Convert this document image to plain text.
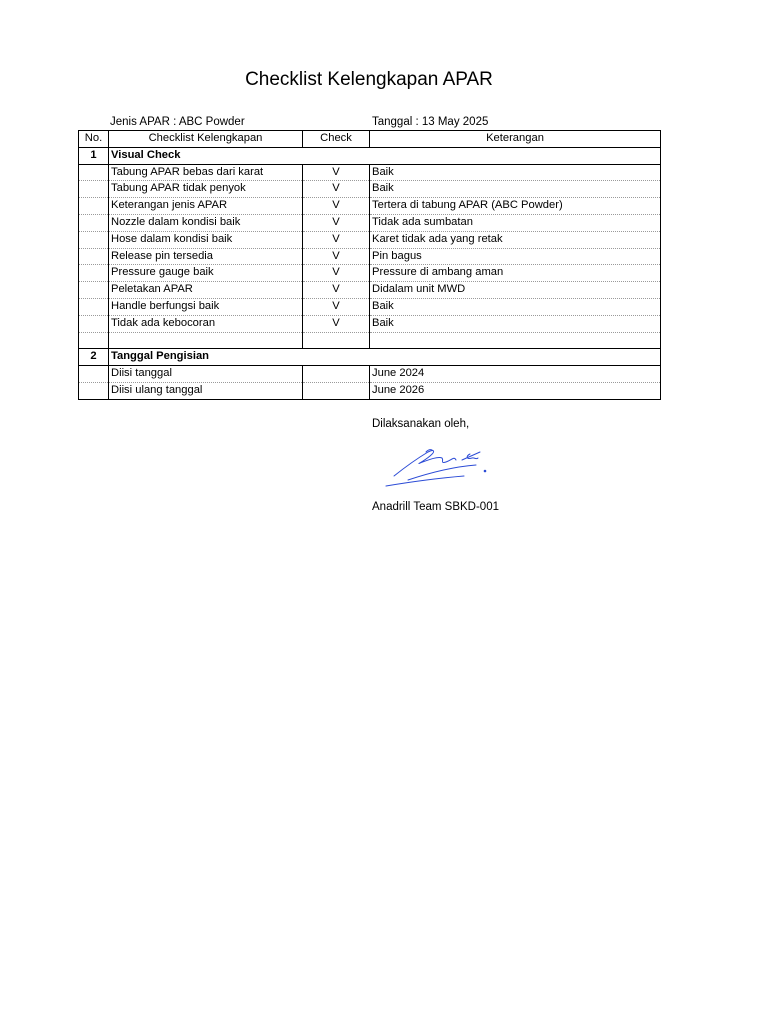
Checklist Kelengkapan APAR
Jenis APAR : ABC Powder	Tanggal : 13 May 2025
No.	Checklist Kelengkapan	Check	Keterangan
1	Visual Check		
	Tabung APAR bebas dari karat	V	Baik
	Tabung APAR tidak penyok	V	Baik
	Keterangan jenis APAR	V	Tertera di tabung APAR (ABC Powder)
	Nozzle dalam kondisi baik	V	Tidak ada sumbatan
	Hose dalam kondisi baik	V	Karet tidak ada yang retak
	Release pin tersedia	V	Pin bagus
	Pressure gauge baik	V	Pressure di ambang aman
	Peletakan APAR	V	Didalam unit MWD
	Handle berfungsi baik	V	Baik
	Tidak ada kebocoran	V	Baik

2	Tanggal Pengisian		
	Diisi tanggal		June 2024
	Diisi ulang tanggal		June 2026
Dilaksanakan oleh,
Anadrill Team SBKD-001
